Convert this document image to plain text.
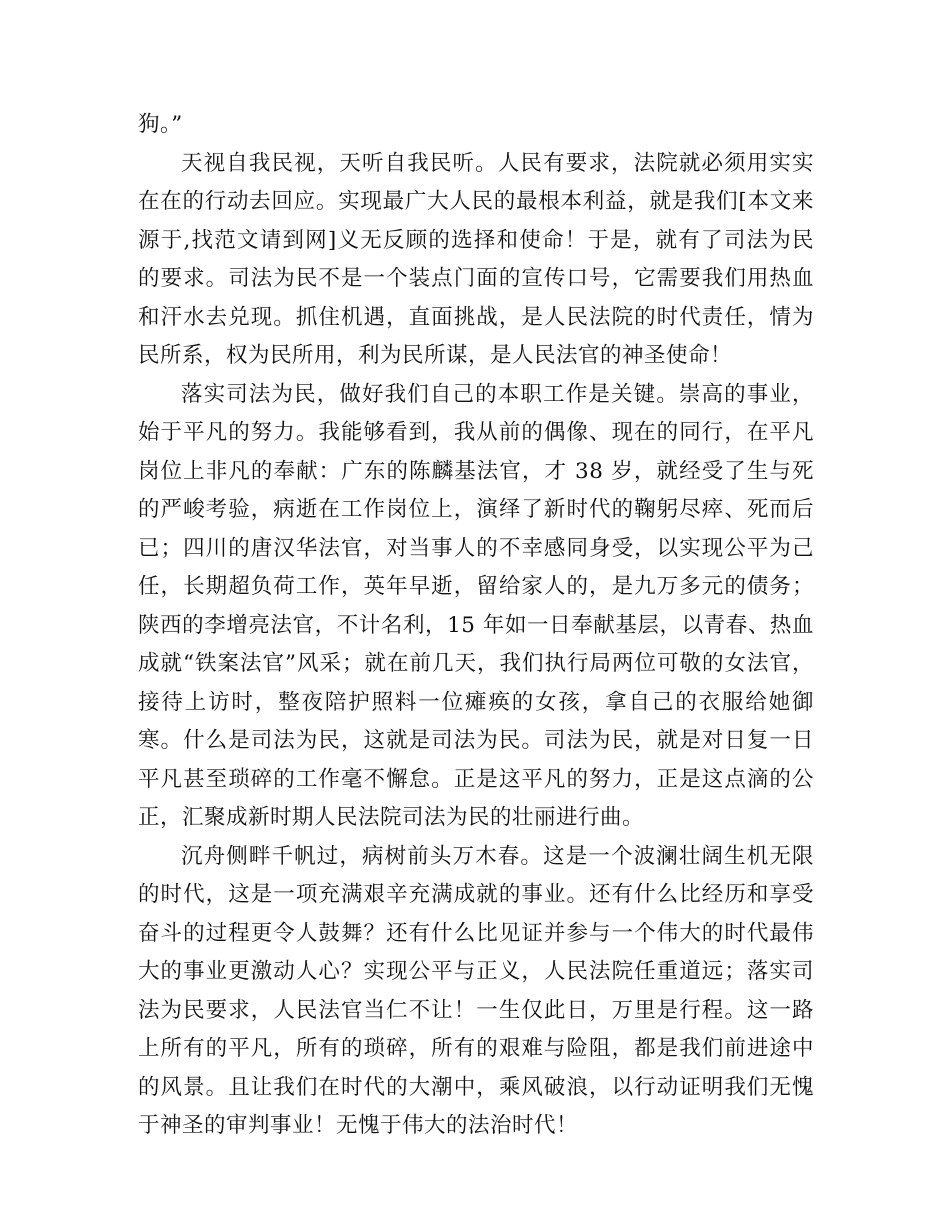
狗。”

天视自我民视，天听自我民听。人民有要求，法院就必须用实实在在的行动去回应。实现最广大人民的最根本利益，就是我们[本文来源于,找范文请到网]义无反顾的选择和使命！于是，就有了司法为民的要求。司法为民不是一个装点门面的宣传口号，它需要我们用热血和汗水去兑现。抓住机遇，直面挑战，是人民法院的时代责任，情为民所系，权为民所用，利为民所谋，是人民法官的神圣使命！

落实司法为民，做好我们自己的本职工作是关键。崇高的事业，始于平凡的努力。我能够看到，我从前的偶像、现在的同行，在平凡岗位上非凡的奉献：广东的陈麟基法官，才 38 岁，就经受了生与死的严峻考验，病逝在工作岗位上，演绎了新时代的鞠躬尽瘁、死而后已；四川的唐汉华法官，对当事人的不幸感同身受，以实现公平为己任，长期超负荷工作，英年早逝，留给家人的，是九万多元的债务；陕西的李增亮法官，不计名利，15 年如一日奉献基层，以青春、热血成就“铁案法官”风采；就在前几天，我们执行局两位可敬的女法官，接待上访时，整夜陪护照料一位瘫痪的女孩，拿自己的衣服给她御寒。什么是司法为民，这就是司法为民。司法为民，就是对日复一日平凡甚至琐碎的工作毫不懈怠。正是这平凡的努力，正是这点滴的公正，汇聚成新时期人民法院司法为民的壮丽进行曲。

沉舟侧畔千帆过，病树前头万木春。这是一个波澜壮阔生机无限的时代，这是一项充满艰辛充满成就的事业。还有什么比经历和享受奋斗的过程更令人鼓舞？还有什么比见证并参与一个伟大的时代最伟大的事业更激动人心？实现公平与正义，人民法院任重道远；落实司法为民要求，人民法官当仁不让！一生仅此日，万里是行程。这一路上所有的平凡，所有的琐碎，所有的艰难与险阻，都是我们前进途中的风景。且让我们在时代的大潮中，乘风破浪，以行动证明我们无愧于神圣的审判事业！无愧于伟大的法治时代！
